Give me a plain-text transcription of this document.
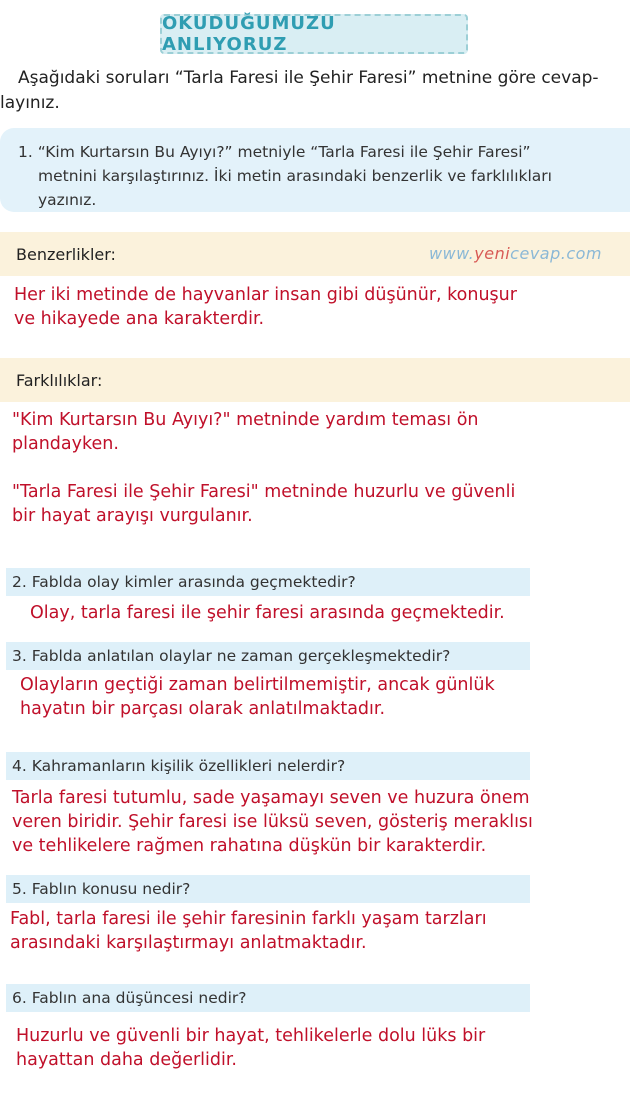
OKUDUĞUMUZU ANLIYORUZ
Aşağıdaki soruları “Tarla Faresi ile Şehir Faresi” metnine göre cevap-
layınız.
1. “Kim Kurtarsın Bu Ayıyı?” metniyle “Tarla Faresi ile Şehir Faresi”
metnini karşılaştırınız. İki metin arasındaki benzerlik ve farklılıkları
yazınız.
Benzerlikler:	www.yenicevap.com
Her iki metinde de hayvanlar insan gibi düşünür, konuşur
ve hikayede ana karakterdir.
Farklılıklar:
"Kim Kurtarsın Bu Ayıyı?" metninde yardım teması ön
plandayken.
"Tarla Faresi ile Şehir Faresi" metninde huzurlu ve güvenli
bir hayat arayışı vurgulanır.
2. Fablda olay kimler arasında geçmektedir?
Olay, tarla faresi ile şehir faresi arasında geçmektedir.
3. Fablda anlatılan olaylar ne zaman gerçekleşmektedir?
Olayların geçtiği zaman belirtilmemiştir, ancak günlük
hayatın bir parçası olarak anlatılmaktadır.
4. Kahramanların kişilik özellikleri nelerdir?
Tarla faresi tutumlu, sade yaşamayı seven ve huzura önem
veren biridir. Şehir faresi ise lüksü seven, gösteriş meraklısı
ve tehlikelere rağmen rahatına düşkün bir karakterdir.
5. Fablın konusu nedir?
Fabl, tarla faresi ile şehir faresinin farklı yaşam tarzları
arasındaki karşılaştırmayı anlatmaktadır.
6. Fablın ana düşüncesi nedir?
Huzurlu ve güvenli bir hayat, tehlikelerle dolu lüks bir
hayattan daha değerlidir.
